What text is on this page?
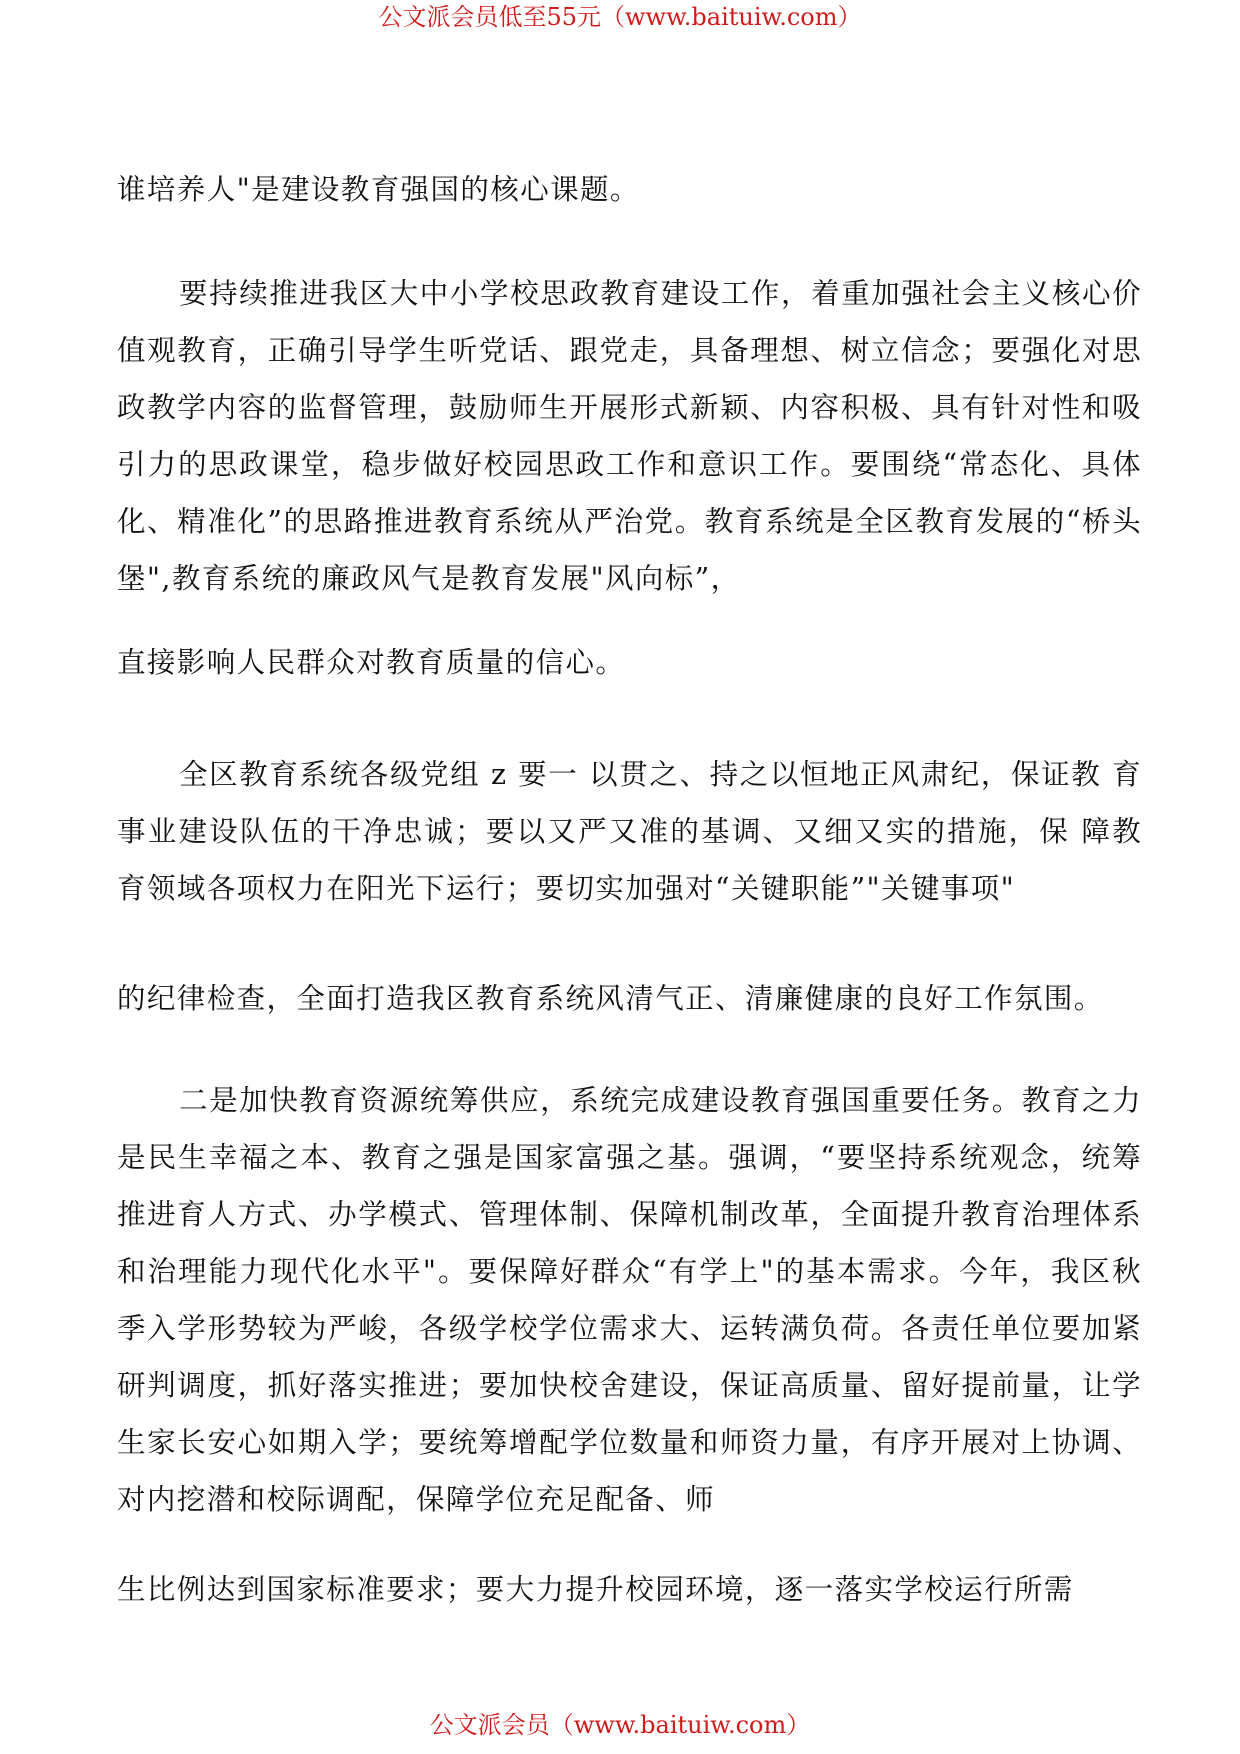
公文派会员低至55元（www.baituiw.com）

谁培养人"是建设教育强国的核心课题。

要持续推进我区大中小学校思政教育建设工作，着重加强社会主义核心价值观教育，正确引导学生听党话、跟党走，具备理想、树立信念；要强化对思政教学内容的监督管理，鼓励师生开展形式新颖、内容积极、具有针对性和吸引力的思政课堂，稳步做好校园思政工作和意识工作。要围绕“常态化、具体化、精准化”的思路推进教育系统从严治党。教育系统是全区教育发展的“桥头堡",教育系统的廉政风气是教育发展"风向标”，

直接影响人民群众对教育质量的信心。

全区教育系统各级党组 z 要一 以贯之、持之以恒地正风肃纪，保证教 育事业建设队伍的干净忠诚；要以又严又准的基调、又细又实的措施，保 障教育领域各项权力在阳光下运行；要切实加强对“关键职能”"关键事项"

的纪律检查，全面打造我区教育系统风清气正、清廉健康的良好工作氛围。

二是加快教育资源统筹供应，系统完成建设教育强国重要任务。教育之力是民生幸福之本、教育之强是国家富强之基。强调，“要坚持系统观念，统筹推进育人方式、办学模式、管理体制、保障机制改革，全面提升教育治理体系和治理能力现代化水平"。要保障好群众“有学上"的基本需求。今年，我区秋季入学形势较为严峻，各级学校学位需求大、运转满负荷。各责任单位要加紧研判调度，抓好落实推进；要加快校舍建设，保证高质量、留好提前量，让学生家长安心如期入学；要统筹增配学位数量和师资力量，有序开展对上协调、对内挖潜和校际调配，保障学位充足配备、师

生比例达到国家标准要求；要大力提升校园环境，逐一落实学校运行所需

公文派会员（www.baituiw.com）
